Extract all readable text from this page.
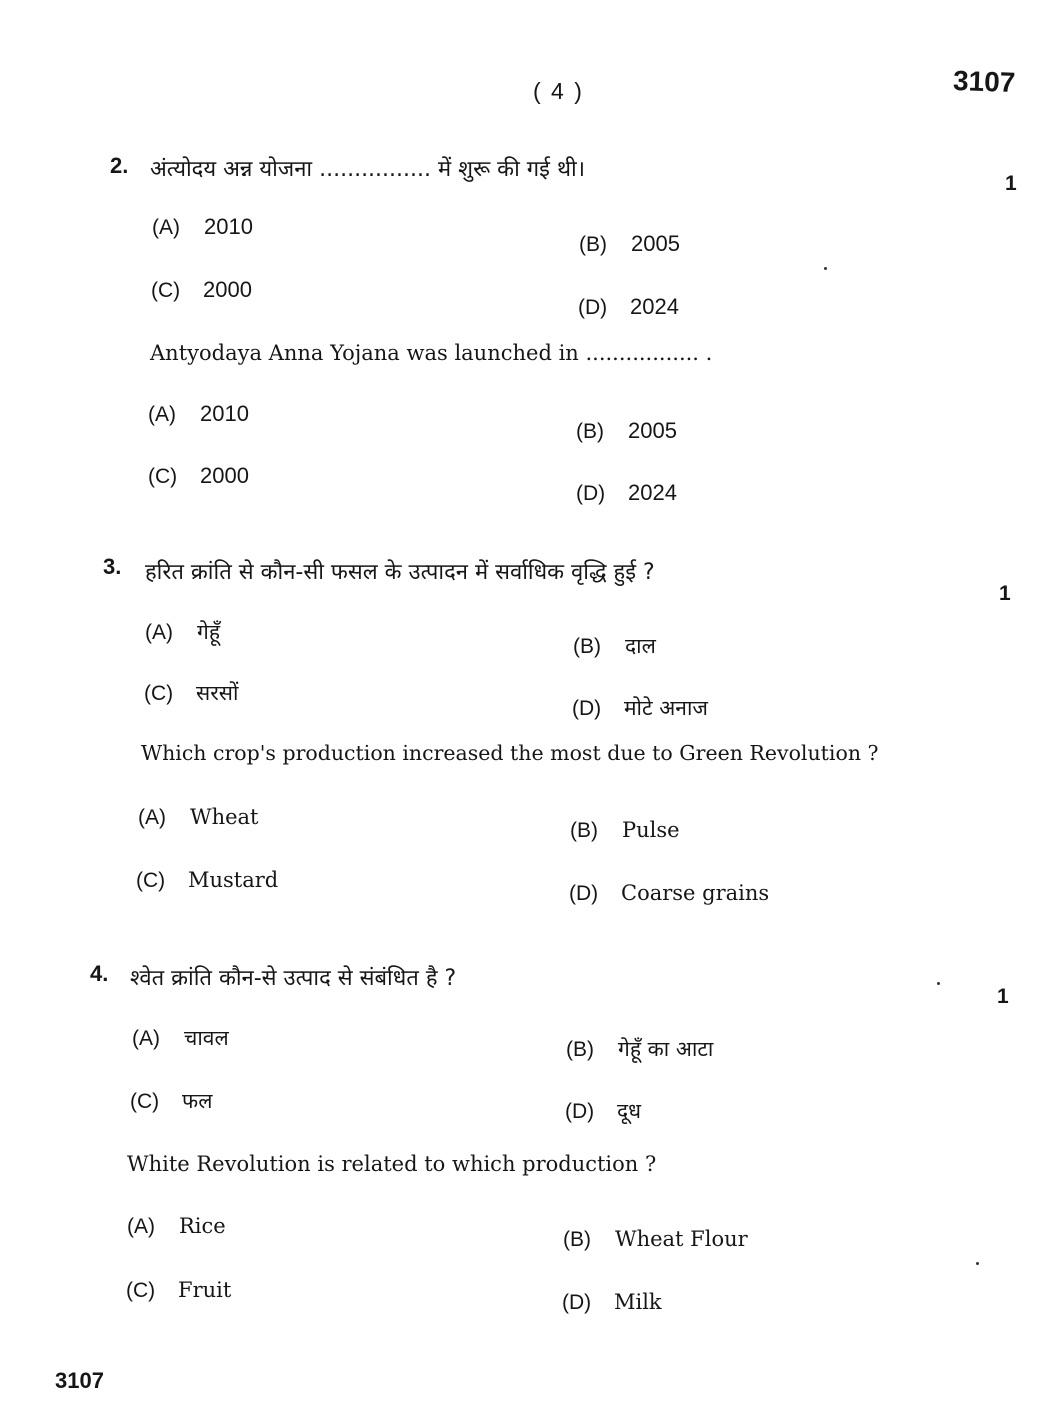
( 4 )	3107
2. अंत्योदय अन्न योजना ................ में शुरू की गई थी।
1
(A) 2010
(B) 2005
(C) 2000
(D) 2024
Antyodaya Anna Yojana was launched in ................. .
(A) 2010
(B) 2005
(C) 2000
(D) 2024
3. हरित क्रांति से कौन-सी फसल के उत्पादन में सर्वाधिक वृद्धि हुई ?
1
(A) गेहूँ
(B) दाल
(C) सरसों
(D) मोटे अनाज
Which crop's production increased the most due to Green Revolution ?
(A) Wheat
(B) Pulse
(C) Mustard
(D) Coarse grains
4. श्वेत क्रांति कौन-से उत्पाद से संबंधित है ?
1
(A) चावल	(B) गेहूँ का आटा
(C) फल	(D) दूध
White Revolution is related to which production ?
(A) Rice
(B) Wheat Flour
(C) Fruit
(D) Milk
3107
